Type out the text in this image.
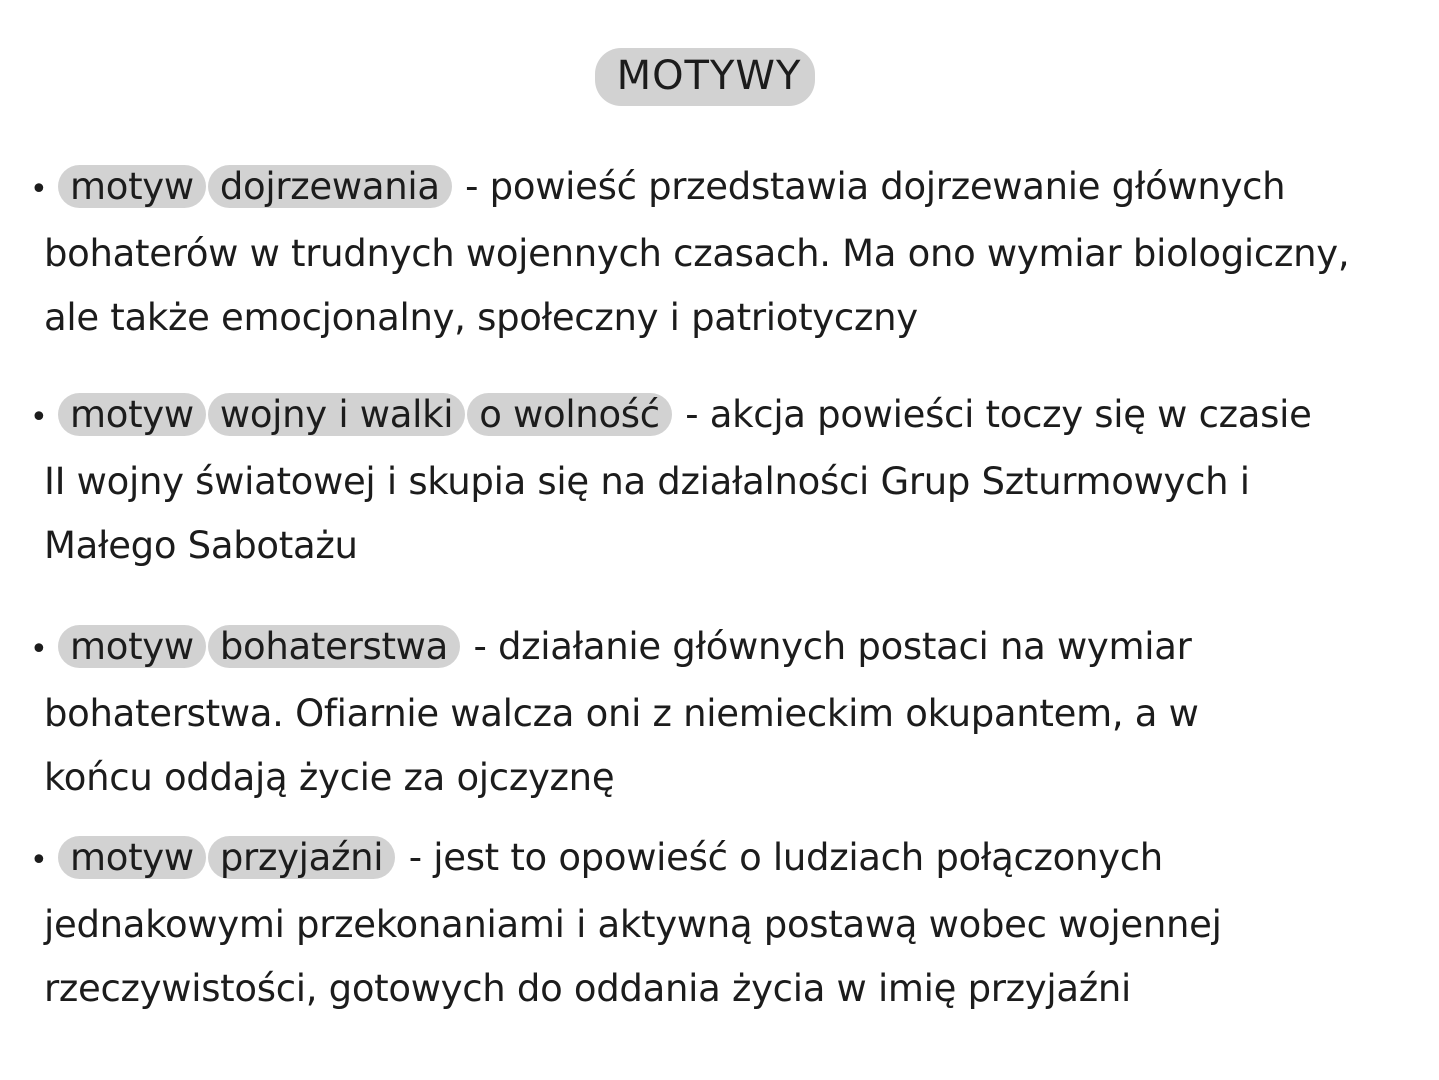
MOTYWY
• motyw dojrzewania - powieść przedstawia dojrzewanie głównych
bohaterów w trudnych wojennych czasach. Ma ono wymiar biologiczny,
ale także emocjonalny, społeczny i patriotyczny
• motyw wojny i walki o wolność - akcja powieści toczy się w czasie
II wojny światowej i skupia się na działalności Grup Szturmowych i
Małego Sabotażu
• motyw bohaterstwa - działanie głównych postaci na wymiar
bohaterstwa. Ofiarnie walcza oni z niemieckim okupantem, a w
końcu oddają życie za ojczyznę
• motyw przyjaźni - jest to opowieść o ludziach połączonych
jednakowymi przekonaniami i aktywną postawą wobec wojennej
rzeczywistości, gotowych do oddania życia w imię przyjaźni
